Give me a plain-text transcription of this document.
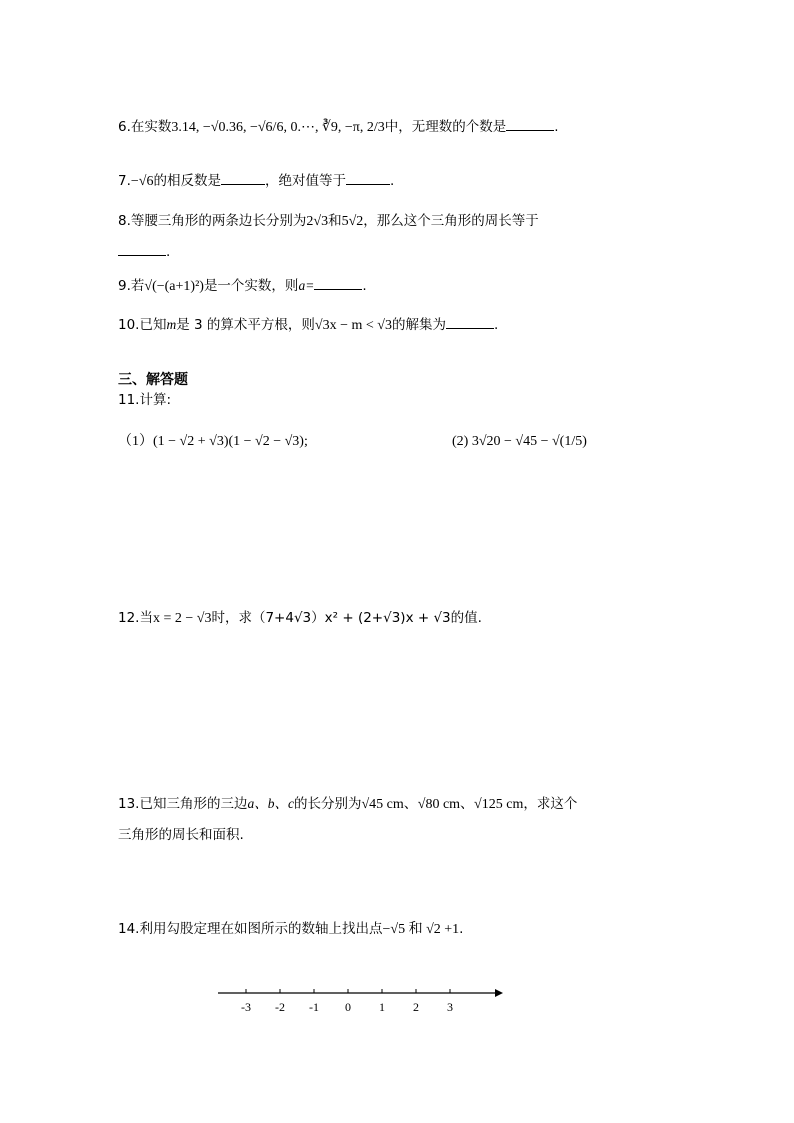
6.在实数3.14, −√0.36, −√6/6, 0.⋯, ∛9, −π, 2/3中，无理数的个数是	.
7.−√6的相反数是	，绝对值等于	.
8.等腰三角形的两条边长分别为2√3和5√2，那么这个三角形的周长等于
.
9.若√(−(a+1)²)是一个实数，则a=	.
10.已知m是 3 的算术平方根，则√3x − m < √3的解集为	.
三、解答题
11.计算:
（1）(1 − √2 + √3)(1 − √2 − √3);	(2) 3√20 − √45 − √(1/5)
12.当x = 2 − √3时，求（7+4√3）x² + (2+√3)x + √3的值.
13.已知三角形的三边a、b、c的长分别为√45 cm、√80 cm、√125 cm，求这个
三角形的周长和面积.
14.利用勾股定理在如图所示的数轴上找出点−√5 和 √2 +1.
-3 -2 -1 0 1 2 3
